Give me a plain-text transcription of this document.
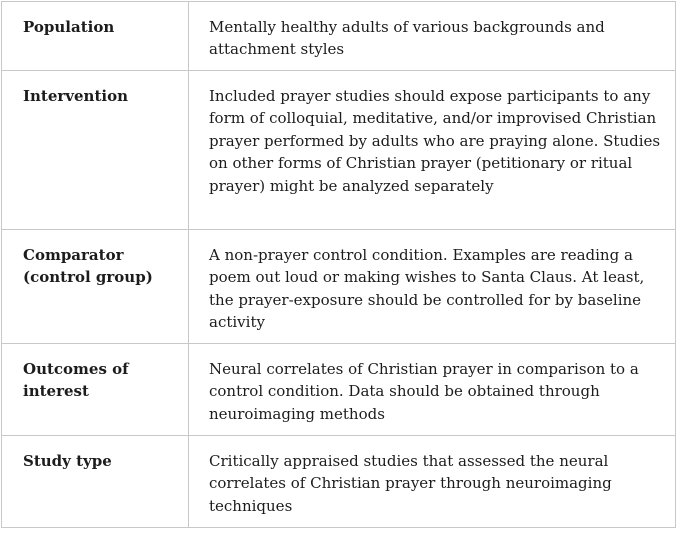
Population	Mentally healthy adults of various backgrounds and attachment styles
Intervention	Included prayer studies should expose participants to any form of colloquial, meditative, and/or improvised Christian prayer performed by adults who are praying alone. Studies on other forms of Christian prayer (petitionary or ritual prayer) might be analyzed separately
Comparator (control group)	A non-prayer control condition. Examples are reading a poem out loud or making wishes to Santa Claus. At least, the prayer-exposure should be controlled for by baseline activity
Outcomes of interest	Neural correlates of Christian prayer in comparison to a control condition. Data should be obtained through neuroimaging methods
Study type	Critically appraised studies that assessed the neural correlates of Christian prayer through neuroimaging techniques
